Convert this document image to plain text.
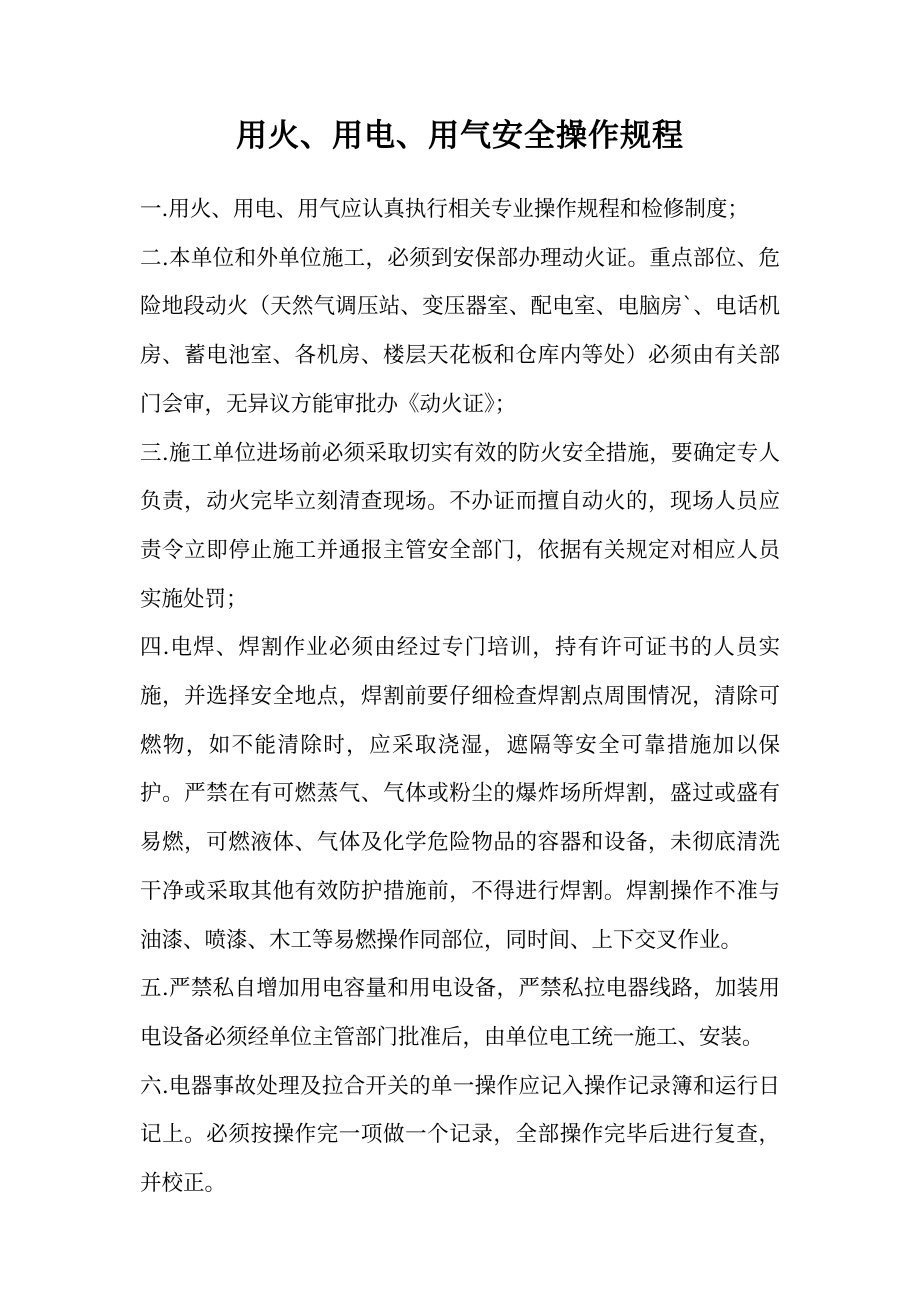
用火、用电、用气安全操作规程

一.用火、用电、用气应认真执行相关专业操作规程和检修制度；

二.本单位和外单位施工，必须到安保部办理动火证。重点部位、危险地段动火（天然气调压站、变压器室、配电室、电脑房`、电话机房、蓄电池室、各机房、楼层天花板和仓库内等处）必须由有关部门会审，无异议方能审批办《动火证》；

三.施工单位进场前必须采取切实有效的防火安全措施，要确定专人负责，动火完毕立刻清查现场。不办证而擅自动火的，现场人员应责令立即停止施工并通报主管安全部门，依据有关规定对相应人员实施处罚；

四.电焊、焊割作业必须由经过专门培训，持有许可证书的人员实施，并选择安全地点，焊割前要仔细检查焊割点周围情况，清除可燃物，如不能清除时，应采取浇湿，遮隔等安全可靠措施加以保护。严禁在有可燃蒸气、气体或粉尘的爆炸场所焊割，盛过或盛有易燃，可燃液体、气体及化学危险物品的容器和设备，未彻底清洗干净或采取其他有效防护措施前，不得进行焊割。焊割操作不准与油漆、喷漆、木工等易燃操作同部位，同时间、上下交叉作业。

五.严禁私自增加用电容量和用电设备，严禁私拉电器线路，加装用电设备必须经单位主管部门批准后，由单位电工统一施工、安装。

六.电器事故处理及拉合开关的单一操作应记入操作记录簿和运行日记上。必须按操作完一项做一个记录，全部操作完毕后进行复查，并校正。
